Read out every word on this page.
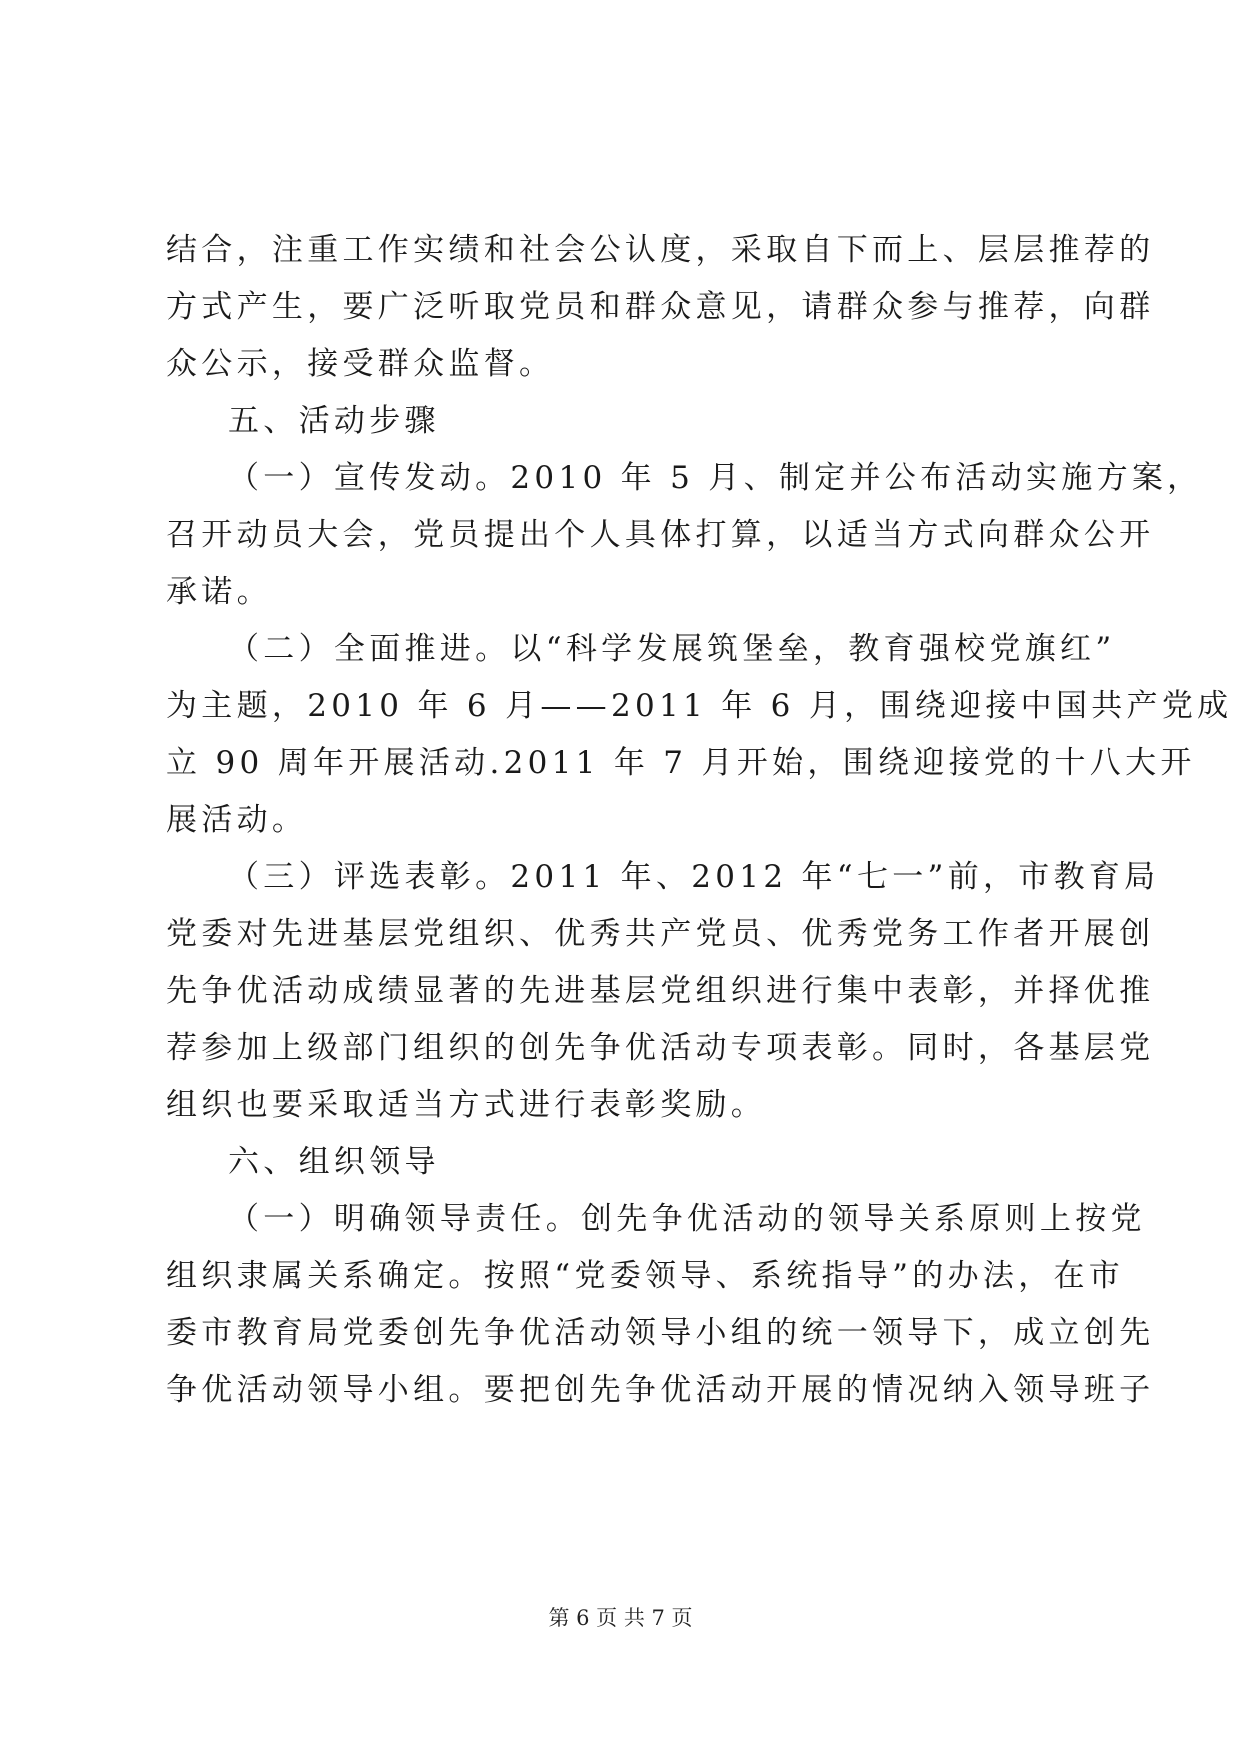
结合，注重工作实绩和社会公认度，采取自下而上、层层推荐的
方式产生，要广泛听取党员和群众意见，请群众参与推荐，向群
众公示，接受群众监督。
五、活动步骤
（一）宣传发动。2010 年 5 月、制定并公布活动实施方案，
召开动员大会，党员提出个人具体打算，以适当方式向群众公开
承诺。
（二）全面推进。以“科学发展筑堡垒，教育强校党旗红”
为主题，2010 年 6 月——2011 年 6 月，围绕迎接中国共产党成
立 90 周年开展活动.2011 年 7 月开始，围绕迎接党的十八大开
展活动。
（三）评选表彰。2011 年、2012 年“七一”前，市教育局
党委对先进基层党组织、优秀共产党员、优秀党务工作者开展创
先争优活动成绩显著的先进基层党组织进行集中表彰，并择优推
荐参加上级部门组织的创先争优活动专项表彰。同时，各基层党
组织也要采取适当方式进行表彰奖励。
六、组织领导
（一）明确领导责任。创先争优活动的领导关系原则上按党
组织隶属关系确定。按照“党委领导、系统指导”的办法，在市
委市教育局党委创先争优活动领导小组的统一领导下，成立创先
争优活动领导小组。要把创先争优活动开展的情况纳入领导班子
第 6 页 共 7 页
